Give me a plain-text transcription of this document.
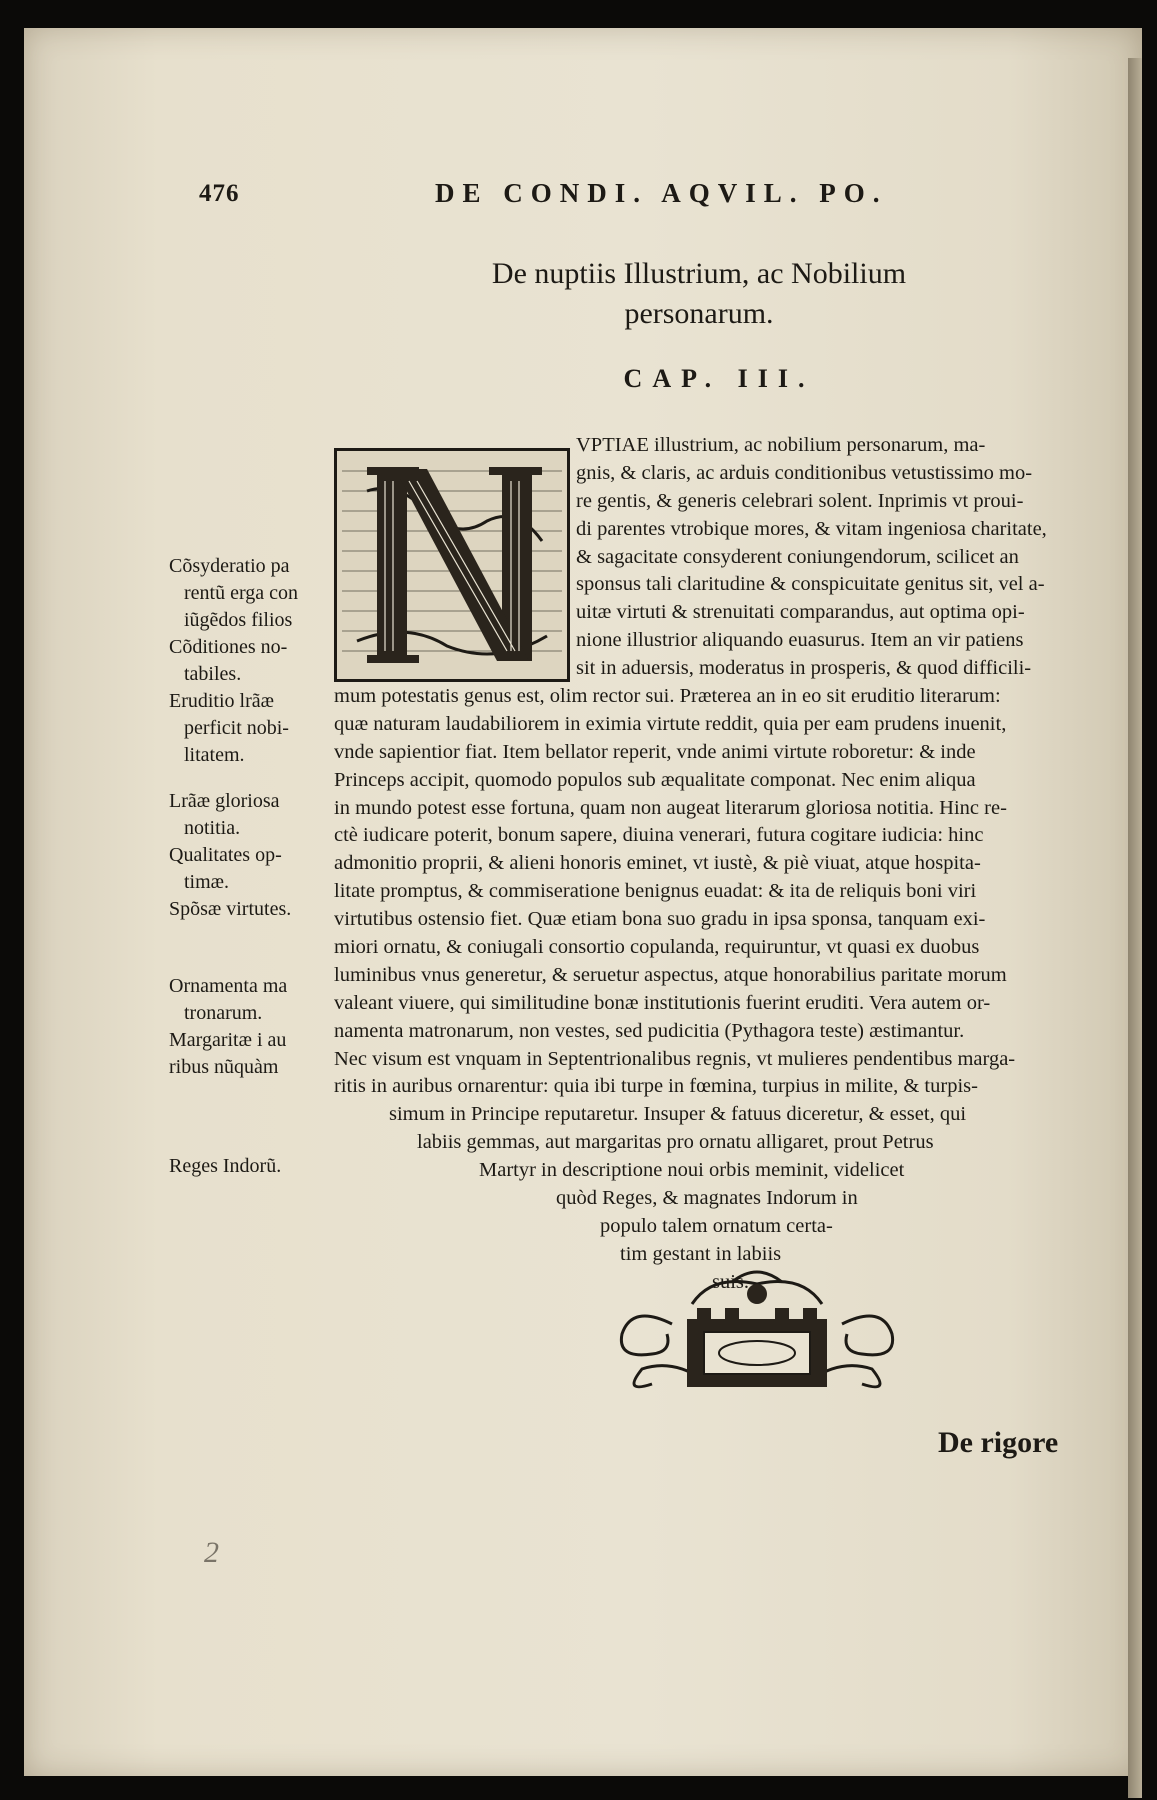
476	DE CONDI. AQVIL. PO.
De nuptiis Illustrium, ac Nobilium
personarum.
CAP. III.
VPTIAE illustrium, ac nobilium personarum, ma-
gnis, & claris, ac arduis conditionibus vetustissimo mo-
re gentis, & generis celebrari solent. Inprimis vt proui-
di parentes vtrobique mores, & vitam ingeniosa charitate,
& sagacitate consyderent coniungendorum, scilicet an
sponsus tali claritudine & conspicuitate genitus sit, vel a-
uitæ virtuti & strenuitati comparandus, aut optima opi-
nione illustrior aliquando euasurus. Item an vir patiens
sit in aduersis, moderatus in prosperis, & quod difficili-
mum potestatis genus est, olim rector sui. Præterea an in eo sit eruditio literarum:
quæ naturam laudabiliorem in eximia virtute reddit, quia per eam prudens inuenit,
vnde sapientior fiat. Item bellator reperit, vnde animi virtute roboretur: & inde
Princeps accipit, quomodo populos sub æqualitate componat. Nec enim aliqua
in mundo potest esse fortuna, quam non augeat literarum gloriosa notitia. Hinc re-
ctè iudicare poterit, bonum sapere, diuina venerari, futura cogitare iudicia: hinc
admonitio proprii, & alieni honoris eminet, vt iustè, & piè viuat, atque hospita-
litate promptus, & commiseratione benignus euadat: & ita de reliquis boni viri
virtutibus ostensio fiet. Quæ etiam bona suo gradu in ipsa sponsa, tanquam exi-
miori ornatu, & coniugali consortio copulanda, requiruntur, vt quasi ex duobus
luminibus vnus generetur, & seruetur aspectus, atque honorabilius paritate morum
valeant viuere, qui similitudine bonæ institutionis fuerint eruditi. Vera autem or-
namenta matronarum, non vestes, sed pudicitia (Pythagora teste) æstimantur.
Nec visum est vnquam in Septentrionalibus regnis, vt mulieres pendentibus marga-
ritis in auribus ornarentur: quia ibi turpe in fœmina, turpius in milite, & turpis-
simum in Principe reputaretur. Insuper & fatuus diceretur, & esset, qui
labiis gemmas, aut margaritas pro ornatu alligaret, prout Petrus
Martyr in descriptione noui orbis meminit, videlicet
quòd Reges, & magnates Indorum in
populo talem ornatum certa-
tim gestant in labiis
suis.
Cõsyderatio pa
rentũ erga con
iũgẽdos filios
Cõditiones no-
tabiles.
Eruditio lrãæ
perficit nobi-
litatem.
Lrãæ gloriosa
notitia.
Qualitates op-
timæ.
Spõsæ virtutes.
Ornamenta ma
tronarum.
Margaritæ i au
ribus nũquàm
Reges Indorũ.
De rigore
2
